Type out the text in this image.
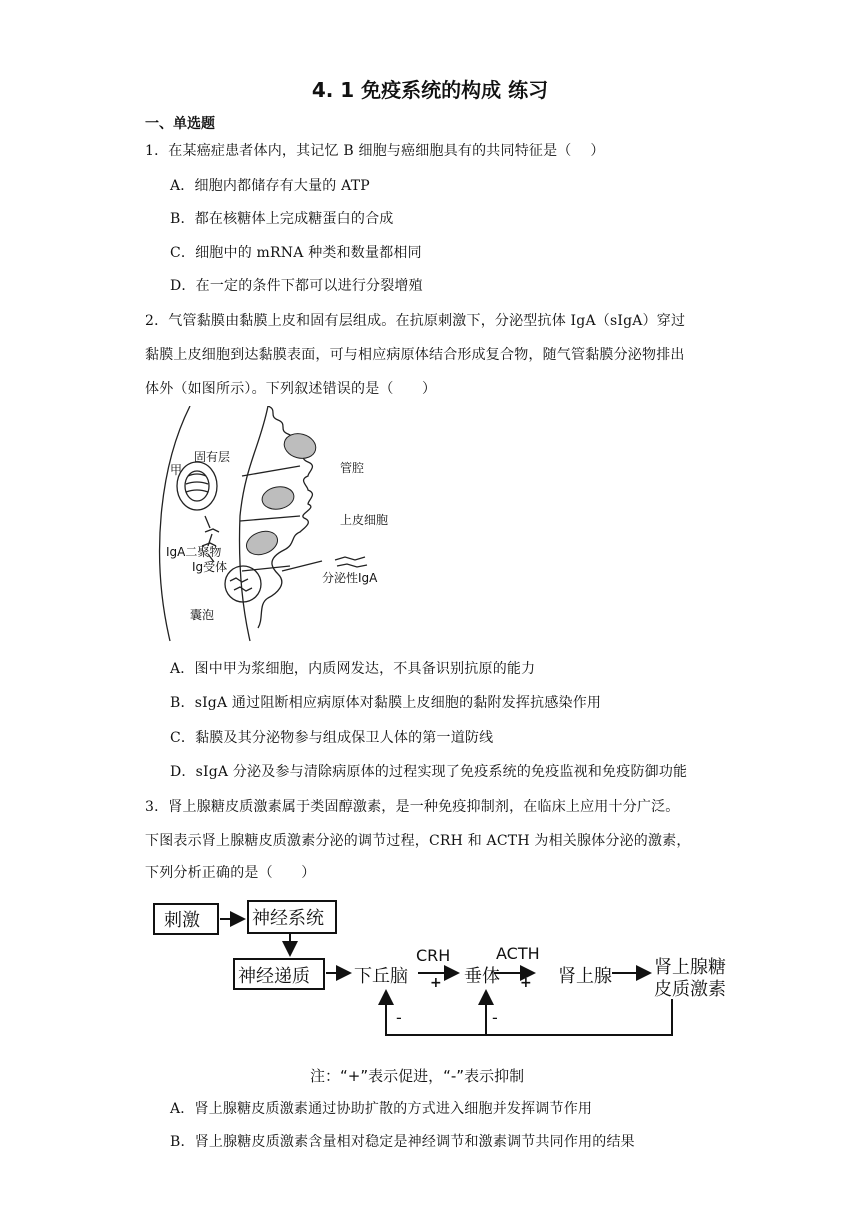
4. 1 免疫系统的构成 练习
一、单选题
1．在某癌症患者体内，其记忆 B 细胞与癌细胞具有的共同特征是（　 ）
A．细胞内都储存有大量的 ATP
B．都在核糖体上完成糖蛋白的合成
C．细胞中的 mRNA 种类和数量都相同
D．在一定的条件下都可以进行分裂增殖
2．气管黏膜由黏膜上皮和固有层组成。在抗原刺激下，分泌型抗体 IgA（sIgA）穿过
黏膜上皮细胞到达黏膜表面，可与相应病原体结合形成复合物，随气管黏膜分泌物排出
体外（如图所示）。下列叙述错误的是（　　）
固有层
甲
IgA二聚物
Ig受体
囊泡
管腔
上皮细胞
分泌性IgA
A．图中甲为浆细胞，内质网发达，不具备识别抗原的能力
B．sIgA 通过阻断相应病原体对黏膜上皮细胞的黏附发挥抗感染作用
C．黏膜及其分泌物参与组成保卫人体的第一道防线
D．sIgA 分泌及参与清除病原体的过程实现了免疫系统的免疫监视和免疫防御功能
3．肾上腺糖皮质激素属于类固醇激素，是一种免疫抑制剂，在临床上应用十分广泛。
下图表示肾上腺糖皮质激素分泌的调节过程，CRH 和 ACTH 为相关腺体分泌的激素，
下列分析正确的是（　　）
刺激	神经系统
神经递质 下丘脑
CRH
+ 垂体
ACTH
+ 肾上腺 肾上腺糖
皮质激素
-	-
注：“+”表示促进，“-”表示抑制
A．肾上腺糖皮质激素通过协助扩散的方式进入细胞并发挥调节作用
B．肾上腺糖皮质激素含量相对稳定是神经调节和激素调节共同作用的结果
